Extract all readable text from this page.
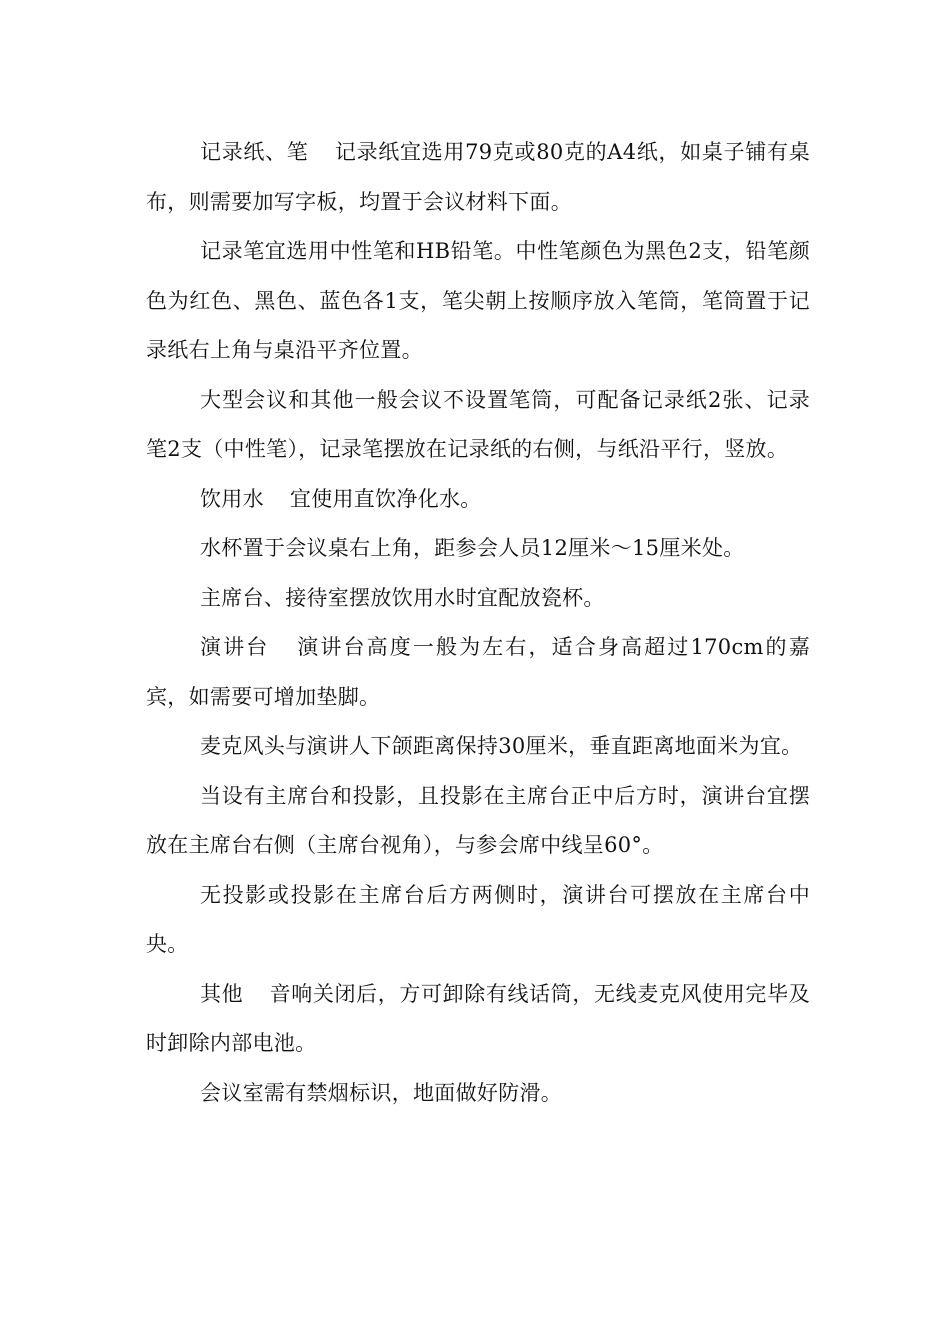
记录纸、笔 记录纸宜选用79克或80克的A4纸，如桌子铺有桌布，则需要加写字板，均置于会议材料下面。

记录笔宜选用中性笔和HB铅笔。中性笔颜色为黑色2支，铅笔颜色为红色、黑色、蓝色各1支，笔尖朝上按顺序放入笔筒，笔筒置于记录纸右上角与桌沿平齐位置。

大型会议和其他一般会议不设置笔筒，可配备记录纸2张、记录笔2支（中性笔），记录笔摆放在记录纸的右侧，与纸沿平行，竖放。

饮用水 宜使用直饮净化水。

水杯置于会议桌右上角，距参会人员12厘米～15厘米处。

主席台、接待室摆放饮用水时宜配放瓷杯。

演讲台 演讲台高度一般为左右，适合身高超过170cm的嘉宾，如需要可增加垫脚。

麦克风头与演讲人下颌距离保持30厘米，垂直距离地面米为宜。

当设有主席台和投影，且投影在主席台正中后方时，演讲台宜摆放在主席台右侧（主席台视角），与参会席中线呈60°。

无投影或投影在主席台后方两侧时，演讲台可摆放在主席台中央。

其他 音响关闭后，方可卸除有线话筒，无线麦克风使用完毕及时卸除内部电池。

会议室需有禁烟标识，地面做好防滑。
